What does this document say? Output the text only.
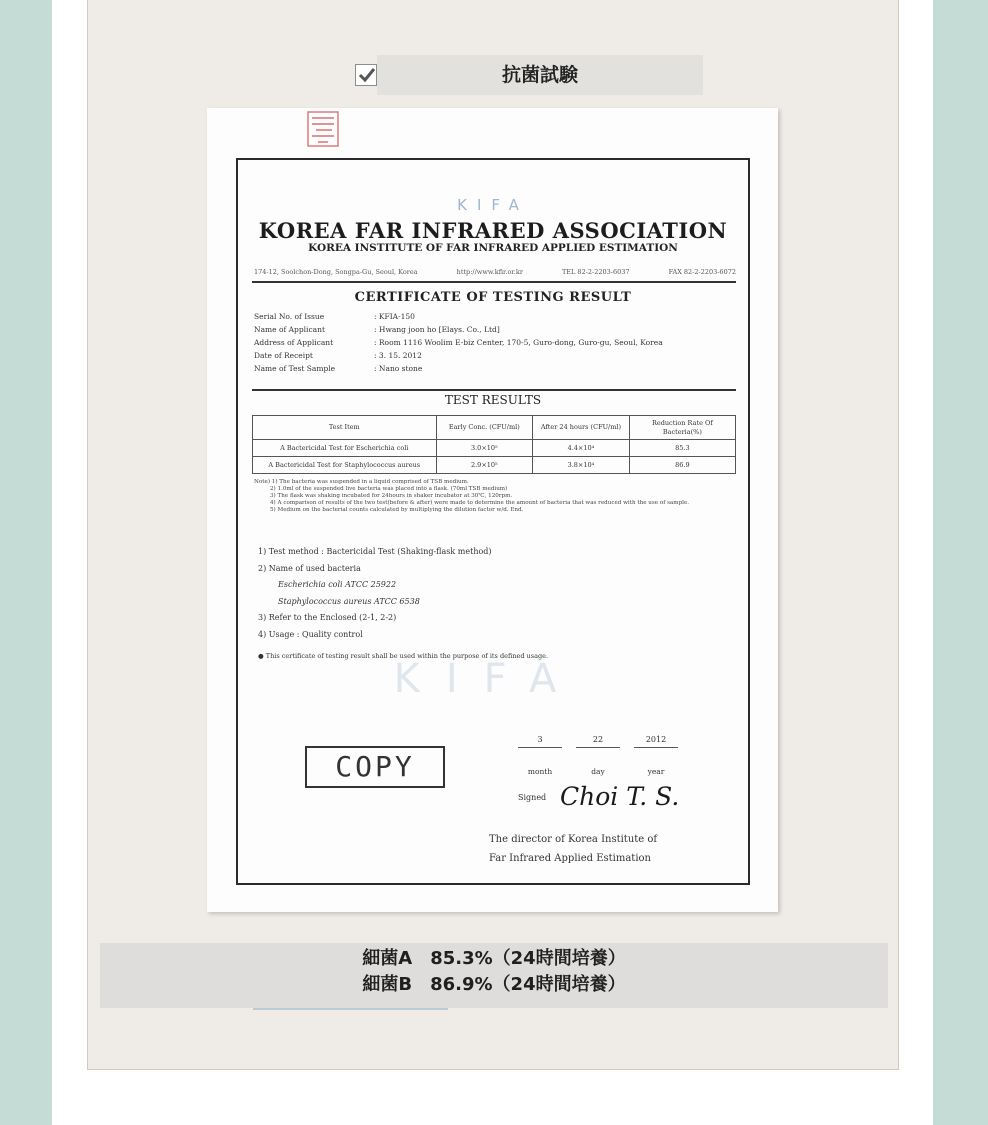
抗菌試験
KIFA
KOREA FAR INFRARED ASSOCIATION
KOREA INSTITUTE OF FAR INFRARED APPLIED ESTIMATION
174-12, Soolchon-Dong, Songpa-Gu, Seoul, Korea	http://www.kfir.or.kr	TEL 82-2-2203-6037	FAX 82-2-2203-6072
CERTIFICATE OF TESTING RESULT
Serial No. of Issue	: KFIA-150
Name of Applicant	: Hwang joon ho [Elays. Co., Ltd]
Address of Applicant	: Room 1116 Woolim E-biz Center, 170-5, Guro-dong, Guro-gu, Seoul, Korea
Date of Receipt	: 3. 15. 2012
Name of Test Sample	: Nano stone
TEST RESULTS
Test Item	Early Conc. (CFU/ml)	After 24 hours (CFU/ml)	Reduction Rate Of Bacteria(%)
A Bactericidal Test for Escherichia coli	3.0×10⁵	4.4×10⁴	85.3
A Bactericidal Test for Staphylococcus aureus	2.9×10⁵	3.8×10⁴	86.9
Note) 1) The bacteria was suspended in a liquid comprised of TSB medium.
2) 1.0ml of the suspended live bacteria was placed into a flask. (70ml TSB medium)
3) The flask was shaking incubated for 24hours in shaker incubator at 30℃, 120rpm.
4) A comparison of results of the two test(before & after) were made to determine the amount of bacteria that was reduced with the use of sample.
5) Medium on the bacterial counts calculated by multiplying the dilution factor w/d. End.
1) Test method : Bactericidal Test (Shaking-flask method)
2) Name of used bacteria
Escherichia coli ATCC 25922
Staphylococcus aureus ATCC 6538
3) Refer to the Enclosed (2-1, 2-2)
4) Usage : Quality control
● This certificate of testing result shall be used within the purpose of its defined usage.
KIFA
COPY
3	22	2012
month	day	year
Signed Choi T. S.
The director of Korea Institute of
Far Infrared Applied Estimation
細菌A　85.3%（24時間培養）
細菌B　86.9%（24時間培養）
